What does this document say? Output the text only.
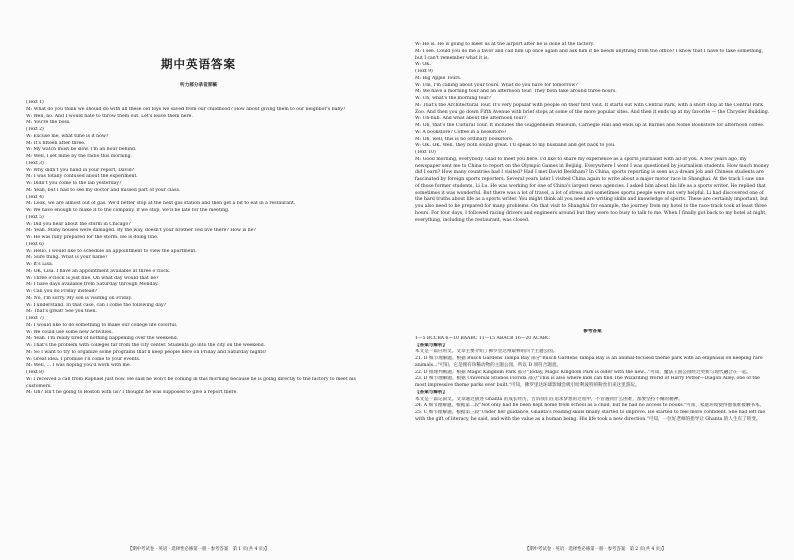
期中英语答案
听力部分录音原稿
(Text 1)
M: What do you think we should do with all these old toys we saved from our childhood? How about giving them to our neighbor's baby?
W: Well, no. And I would hate to throw them out. Let's leave them here.
M: You're the boss.
(Text 2)
W: Excuse me, what time is it now?
M: It's fifteen after three.
W: My watch must be slow. I'm an hour behind.
M: Well, I set mine by the radio this morning.
(Text 3)
W: Why didn't you hand in your report, David?
M: I was totally confused about the experiment.
W: Didn't you come to the lab yesterday?
M: Yeah, but I had to see my doctor and missed part of your class.
(Text 4)
M: Look, we are almost out of gas. We'd better stop at the next gas station and then get a bit to eat in a restaurant.
W: We have enough to make it to the company. If we stop, we'll be late for the meeting.
(Text 5)
W: Did you hear about the storm in Chicago?
M: Yeah. Many houses were damaged. By the way, doesn't your brother Ted live there? How is he?
W: He was fully prepared for the storm. He is doing fine.
(Text 6)
W: Hello. I would like to schedule an appointment to view the apartment.
M: Sure thing. What is your name?
W: It's Lisa.
M: OK, Lisa. I have an appointment available at three o'clock.
W: Three o'clock is just fine. On what day would that be?
M: I have days available from Saturday through Monday.
W: Can you do Friday instead?
M: No, I'm sorry. My son is visiting on Friday.
W: I understand. In that case, can I come the following day?
M: That's great! See you then.
(Text 7)
M: I would like to do something to make our college life colorful.
W: We could use some new activities.
M: Yeah. I'm really tired of nothing happening over the weekend.
W: That's the problem with colleges far from the city center. Students go into the city on the weekend.
M: So I want to try to organize some programs that'll keep people here on Friday and Saturday nights!
W: Great idea. I promise I'll come to your events.
M: Well, ... I was hoping you'd work with me.
(Text 8)
W: I received a call from Raphael just now. He said he won't be coming in this morning because he is going directly to the factory to meet his customers.
M: Oh? Isn't he going to Boston with us? I thought he was supposed to give a report there.
【期中考试卷 · 英语 · 选择性必修第一册 · 参考答案　第 1 页(共 4 页)】
W: He is. He is going to meet us at the airport after he is done at the factory.
M: I see. Could you do me a favor and call him up once again and ask him if he needs anything from the office? I know that I have to take something, but I can't remember what it is.
W: OK.
(Text 9)
M: Big Apple Tours.
W: Um, I'm calling about your tours. What do you have for tomorrow?
M: We have a morning tour and an afternoon tour. They both take around three hours.
W: Uh, what's the morning tour?
M: That's the Architectural Tour. It's very popular with people on their first visit. It starts out with Central Park, with a short stop at the Central Park Zoo. And then you go down Fifth Avenue with brief stops at some of the more popular sites. And then it ends up at my favorite — the Chrysler Building.
W: Uh-huh. And what about the afternoon tour?
M: Oh, that's the Cultural Tour. It includes the Guggenheim Museum, Carnegie Hall and ends up at Barnes and Noble Bookstore for afternoon coffee.
W: A bookstore? Coffee in a bookstore?
M: Oh, well, this is no ordinary bookstore.
W: OK. OK. Well, they both sound great. I'll speak to my husband and get back to you.
(Text 10)
M: Good morning, everybody. Glad to meet you here. I'd like to share my experience as a sports journalist with all of you. A few years ago, my newspaper sent me to China to report on the Olympic Games in Beijing. Everywhere I went I was questioned by journalism students. How much money did I earn? How many countries had I visited? Had I met David Beckham? In China, sports reporting is seen as a dream job and Chinese students are fascinated by foreign sports reporters. Several years later I visited China again to write about a major motor race in Shanghai. At the track I saw one of those former students, Li Lu. He was working for one of China's largest news agencies. I asked him about his life as a sports writer. He replied that sometimes it was wonderful. But there was a lot of travel, a lot of stress and sometimes sports people were not very helpful. Li had discovered one of the hard truths about life as a sports writer. You might think all you need are writing skills and knowledge of sports. These are certainly important, but you also need to be prepared for many problems. On that visit to Shanghai for example, the journey from my hotel to the race-track took at least three hours. For four days, I followed racing drivers and engineers around but they were too busy to talk to me. When I finally got back to my hotel at night, everything, including the restaurant, was closed.
参考答案
1—5 BCCBA 6—10 BAABC 11—15 ABACB 16—20 ACABC
【答案与解析】
本文是一篇应用文。文章主要介绍了佛罗里达州最棒的四个主题公园。
21. D 细节理解题。根据 Busch Gardens Tampa Bay 部分"Busch Gardens Tampa Bay is an animal-focused theme park with an emphasis on keeping rare animals..."可知，它是拥有珍稀动物的主题公园，所以 D 项符合题意。
22. D 推理判断题。根据 Magic Kingdom Park 部分"Today, Magic Kingdom Park is older with the new..."可知，魔法王国公园经过更新与现代融合在一起。
23. D 细节理解题。根据 Universal Studios Florida 部分"This is also where kids can find The Wizarding World of Harry Potter—Diagon Alley, one of the most impressive theme parks ever built."可知，佛罗里达环球影城会吸引哈利波特的粉丝们来这里游玩。
【答案与解析】
本文是一篇记叙文。文章通过描述 Ghanta 的成长经历，告诉我们在追求梦想的过程中，不管遇到什么困难，都要坚持不懈的精神。
24. A 细节理解题。根据第二段"Not only had he been kept home from school as a child, but he had no access to books."可知，家庭环境使得他很难接触书本。
25. C 细节理解题。根据第三段"Under her guidance, Ghanta's reading skills finally started to improve. He started to feel more confident. She had left me with the gift of literacy, he said, and with the value as a human being. His life took a new direction."可知，一位好老师的指导让 Ghanta 的人生有了转变。
【期中考试卷 · 英语 · 选择性必修第一册 · 参考答案　第 2 页(共 4 页)】
